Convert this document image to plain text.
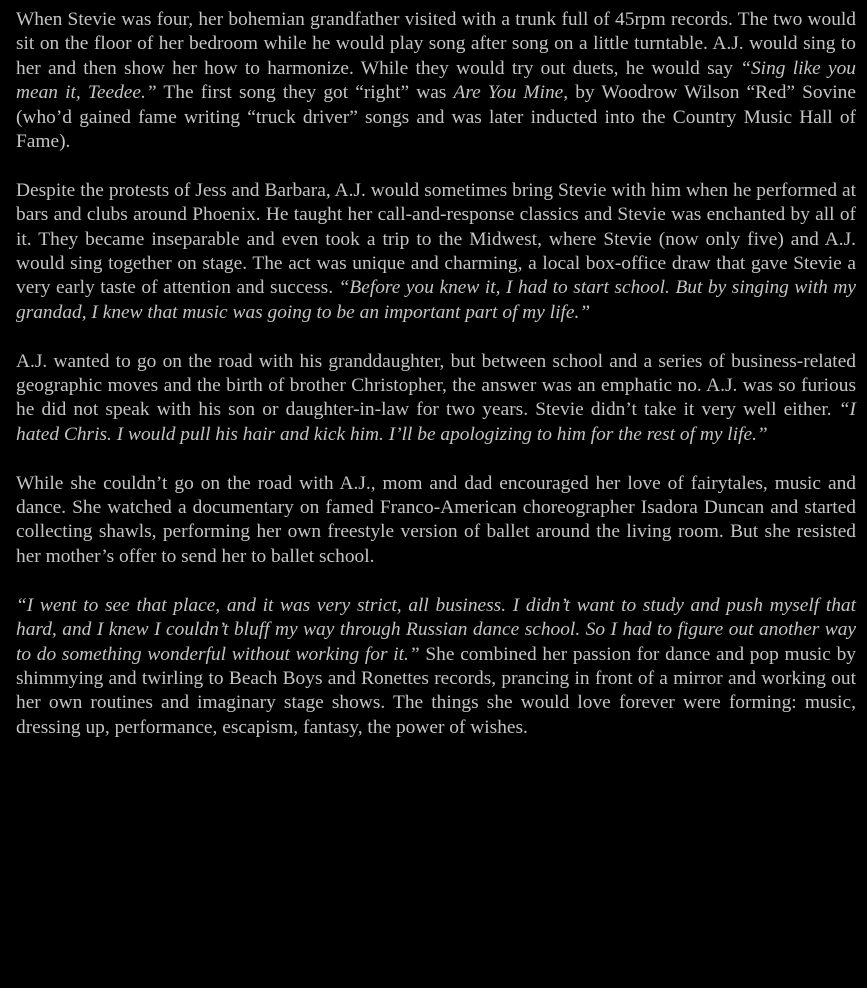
When Stevie was four, her bohemian grandfather visited with a trunk full of 45rpm records. The two would sit on the floor of her bedroom while he would play song after song on a little turntable. A.J. would sing to her and then show her how to harmonize. While they would try out duets, he would say “Sing like you mean it, Teedee.” The first song they got “right” was Are You Mine, by Woodrow Wilson “Red” Sovine (who’d gained fame writing “truck driver” songs and was later inducted into the Country Music Hall of Fame).

Despite the protests of Jess and Barbara, A.J. would sometimes bring Stevie with him when he performed at bars and clubs around Phoenix. He taught her call-and-response classics and Stevie was enchanted by all of it. They became inseparable and even took a trip to the Midwest, where Stevie (now only five) and A.J. would sing together on stage. The act was unique and charming, a local box-office draw that gave Stevie a very early taste of attention and success. “Before you knew it, I had to start school. But by singing with my grandad, I knew that music was going to be an important part of my life.”

A.J. wanted to go on the road with his granddaughter, but between school and a series of business-related geographic moves and the birth of brother Christopher, the answer was an emphatic no. A.J. was so furious he did not speak with his son or daughter-in-law for two years. Stevie didn’t take it very well either. “I hated Chris. I would pull his hair and kick him. I’ll be apologizing to him for the rest of my life.”

While she couldn’t go on the road with A.J., mom and dad encouraged her love of fairytales, music and dance. She watched a documentary on famed Franco-American choreographer Isadora Duncan and started collecting shawls, performing her own freestyle version of ballet around the living room. But she resisted her mother’s offer to send her to ballet school.

“I went to see that place, and it was very strict, all business. I didn’t want to study and push myself that hard, and I knew I couldn’t bluff my way through Russian dance school. So I had to figure out another way to do something wonderful without working for it.” She combined her passion for dance and pop music by shimmying and twirling to Beach Boys and Ronettes records, prancing in front of a mirror and working out her own routines and imaginary stage shows. The things she would love forever were forming: music, dressing up, performance, escapism, fantasy, the power of wishes.
